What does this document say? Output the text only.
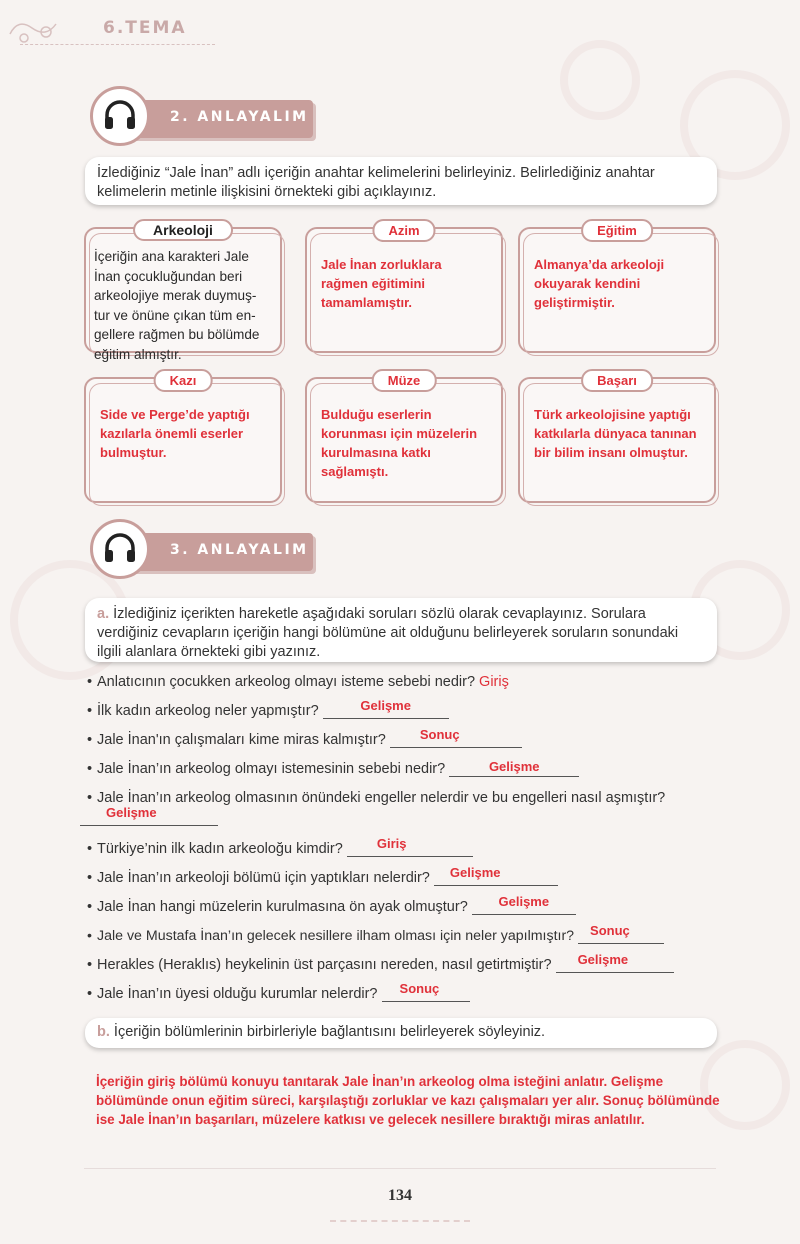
6.TEMA
2. ANLAYALIM
İzlediğiniz “Jale İnan” adlı içeriğin anahtar kelimelerini belirleyiniz. Belirlediğiniz anahtar kelimelerin metinle ilişkisini örnekteki gibi açıklayınız.
Arkeoloji
İçeriğin ana karakteri Jale İnan çocukluğundan beri arkeolojiye merak duymuş- tur ve önüne çıkan tüm en- gellere rağmen bu bölümde eğitim almıştır.
Azim
Jale İnan zorluklara rağmen eğitimini tamamlamıştır.
Eğitim
Almanya’da arkeoloji okuyarak kendini geliştirmiştir.
Kazı
Side ve Perge’de yaptığı kazılarla önemli eserler bulmuştur.
Müze
Bulduğu eserlerin korunması için müzelerin kurulmasına katkı sağlamıştı.
Başarı
Türk arkeolojisine yaptığı katkılarla dünyaca tanınan bir bilim insanı olmuştur.
3. ANLAYALIM
a. İzlediğiniz içerikten hareketle aşağıdaki soruları sözlü olarak cevaplayınız. Sorulara verdiğiniz cevapların içeriğin hangi bölümüne ait olduğunu belirleyerek soruların sonundaki ilgili alanlara örnekteki gibi yazınız.
• Anlatıcının çocukken arkeolog olmayı isteme sebebi nedir? Giriş
• İlk kadın arkeolog neler yapmıştır?	Gelişme
• Jale İnan'ın çalışmaları kime miras kalmıştır?	Sonuç
• Jale İnan’ın arkeolog olmayı istemesinin sebebi nedir?	Gelişme
• Jale İnan’ın arkeolog olmasının önündeki engeller nelerdir ve bu engelleri nasıl aşmıştır?
Gelişme
• Türkiye’nin ilk kadın arkeoloğu kimdir?	Giriş
• Jale İnan’ın arkeoloji bölümü için yaptıkları nelerdir? Gelişme
• Jale İnan hangi müzelerin kurulmasına ön ayak olmuştur?	Gelişme
• Jale ve Mustafa İnan’ın gelecek nesillere ilham olması için neler yapılmıştır? Sonuç
• Herakles (Heraklıs) heykelinin üst parçasını nereden, nasıl getirtmiştir? Gelişme
• Jale İnan’ın üyesi olduğu kurumlar nelerdir? Sonuç
b. İçeriğin bölümlerinin birbirleriyle bağlantısını belirleyerek söyleyiniz.
İçeriğin giriş bölümü konuyu tanıtarak Jale İnan’ın arkeolog olma isteğini anlatır. Gelişme bölümünde onun eğitim süreci, karşılaştığı zorluklar ve kazı çalışmaları yer alır. Sonuç bölümünde ise Jale İnan’ın başarıları, müzelere katkısı ve gelecek nesillere bıraktığı miras anlatılır.
134
